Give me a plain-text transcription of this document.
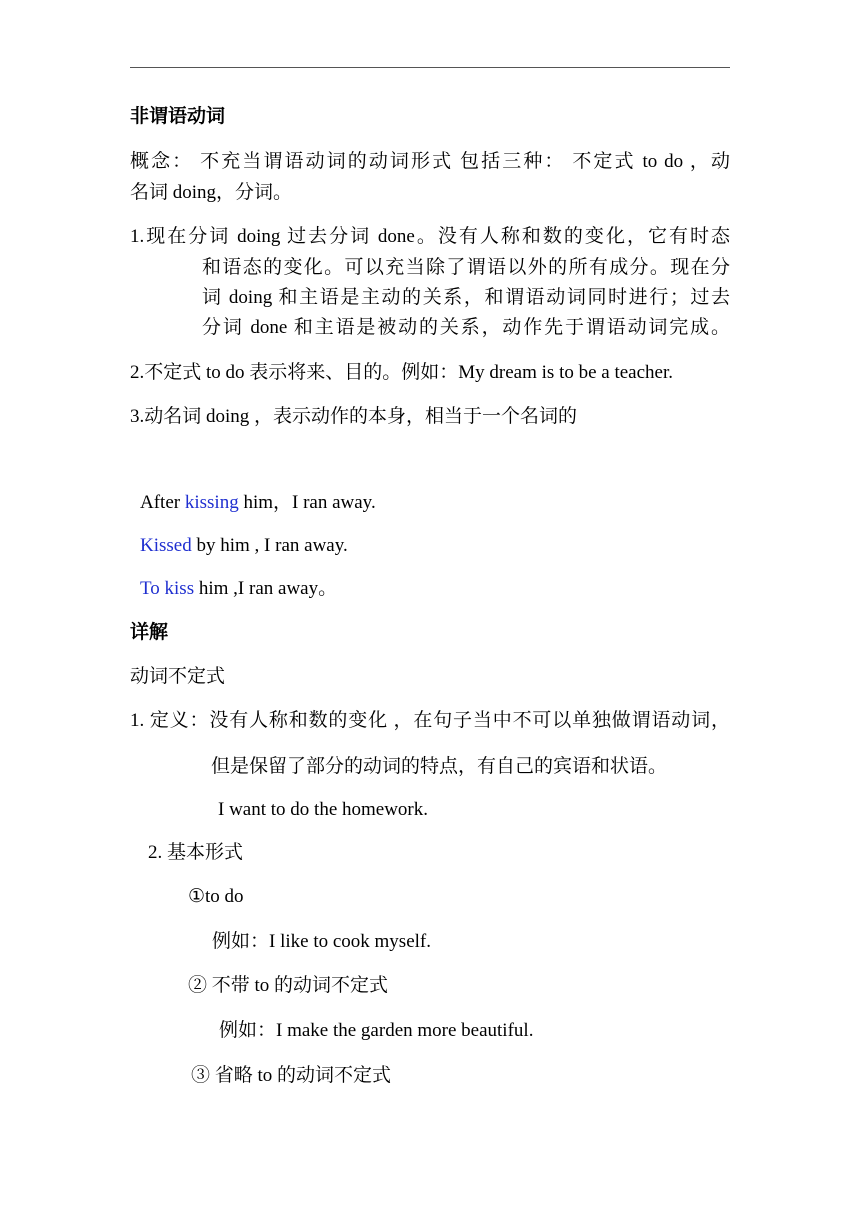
非谓语动词
概念： 不充当谓语动词的动词形式 包括三种： 不定式 to do ，动
名词 doing，分词。
1.现在分词 doing 过去分词 done。没有人称和数的变化，它有时态
和语态的变化。可以充当除了谓语以外的所有成分。现在分
词 doing 和主语是主动的关系，和谓语动词同时进行；过去
分词 done 和主语是被动的关系，动作先于谓语动词完成。
2.不定式 to do 表示将来、目的。例如：My dream is to be a teacher.
3.动名词 doing ，表示动作的本身，相当于一个名词的
After kissing him，I ran away.
Kissed by him , I ran away.
To kiss him ,I ran away。
详解
动词不定式
1. 定义：没有人称和数的变化 ，在句子当中不可以单独做谓语动词，
但是保留了部分的动词的特点，有自己的宾语和状语。
I want to do the homework.
2. 基本形式
①to do
例如：I like to cook myself.
② 不带 to 的动词不定式
例如：I make the garden more beautiful.
③ 省略 to 的动词不定式
